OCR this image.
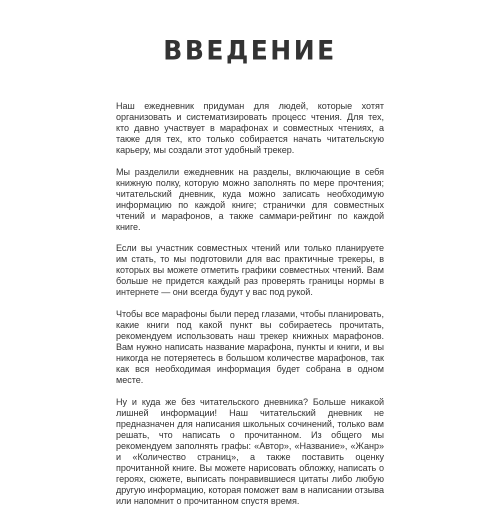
ВВЕДЕНИЕ

Наш ежедневник придуман для людей, которые хотят организовать и систематизировать процесс чтения. Для тех, кто давно участвует в марафонах и совместных чтениях, а также для тех, кто только собирается начать читательскую карьеру, мы создали этот удобный трекер.

Мы разделили ежедневник на разделы, включающие в себя книжную полку, которую можно заполнять по мере прочтения; читательский дневник, куда можно записать необходимую информацию по каждой книге; странички для совместных чтений и марафонов, а также саммари-рейтинг по каждой книге.

Если вы участник совместных чтений или только планируете им стать, то мы подготовили для вас практичные трекеры, в которых вы можете отметить графики совместных чтений. Вам больше не придется каждый раз проверять границы нормы в интернете — они всегда будут у вас под рукой.

Чтобы все марафоны были перед глазами, чтобы планировать, какие книги под какой пункт вы собираетесь прочитать, рекомендуем использовать наш трекер книжных марафонов. Вам нужно написать название марафона, пункты и книги, и вы никогда не потеряетесь в большом количестве марафонов, так как вся необходимая информация будет собрана в одном месте.

Ну и куда же без читательского дневника? Больше никакой лишней информации! Наш читательский дневник не предназначен для написания школьных сочинений, только вам решать, что написать о прочитанном. Из общего мы рекомендуем заполнять графы: «Автор», «Название», «Жанр» и «Количество страниц», а также поставить оценку прочитанной книге. Вы можете нарисовать обложку, написать о героях, сюжете, выписать понравившиеся цитаты либо любую другую информацию, которая поможет вам в написании отзыва или напомнит о прочитанном спустя время.
